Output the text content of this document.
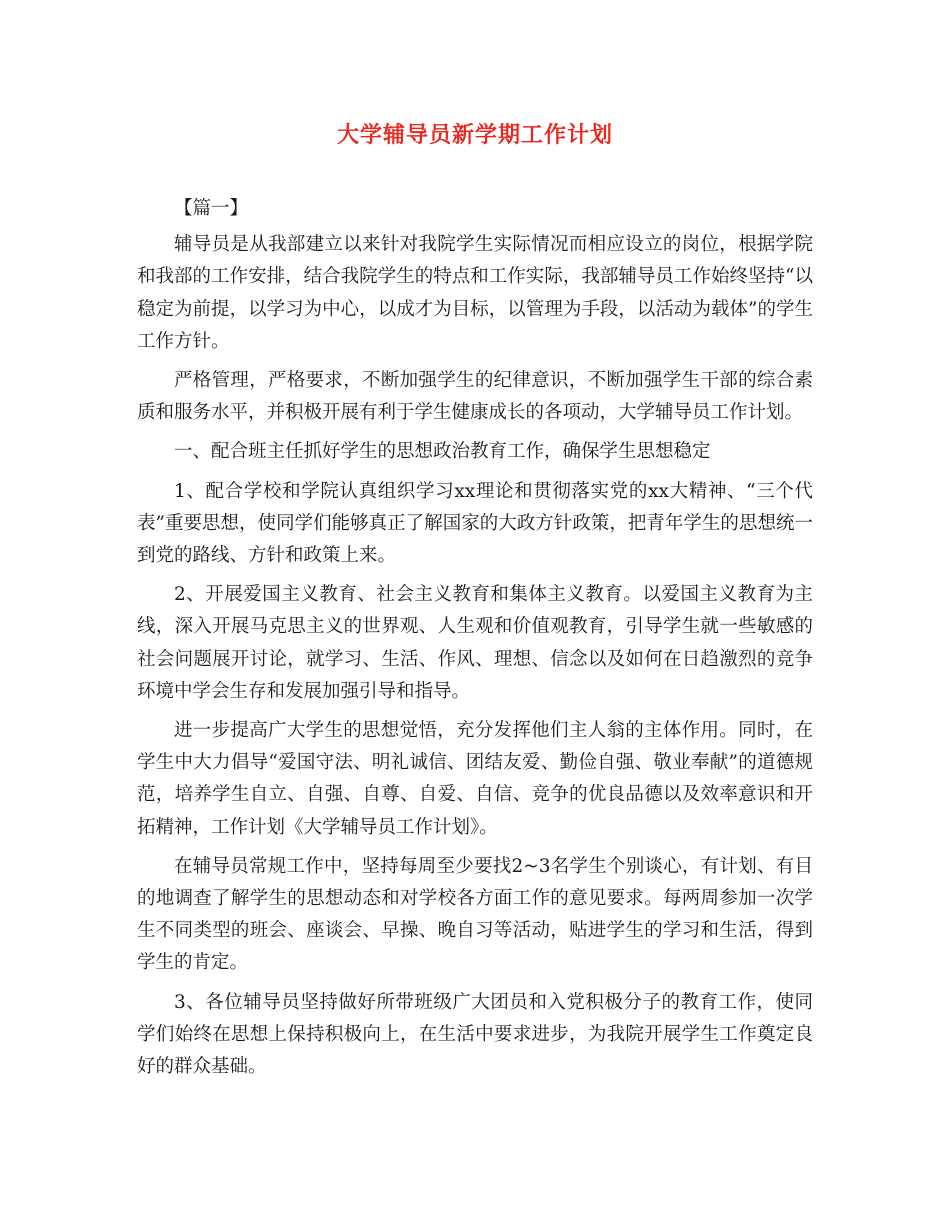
大学辅导员新学期工作计划

【篇一】

辅导员是从我部建立以来针对我院学生实际情况而相应设立的岗位，根据学院和我部的工作安排，结合我院学生的特点和工作实际，我部辅导员工作始终坚持“以稳定为前提，以学习为中心，以成才为目标，以管理为手段，以活动为载体”的学生工作方针。

严格管理，严格要求，不断加强学生的纪律意识，不断加强学生干部的综合素质和服务水平，并积极开展有利于学生健康成长的各项动，大学辅导员工作计划。

一、配合班主任抓好学生的思想政治教育工作，确保学生思想稳定

1、配合学校和学院认真组织学习xx理论和贯彻落实党的xx大精神、“三个代表”重要思想，使同学们能够真正了解国家的大政方针政策，把青年学生的思想统一到党的路线、方针和政策上来。

2、开展爱国主义教育、社会主义教育和集体主义教育。以爱国主义教育为主线，深入开展马克思主义的世界观、人生观和价值观教育，引导学生就一些敏感的社会问题展开讨论，就学习、生活、作风、理想、信念以及如何在日趋激烈的竞争环境中学会生存和发展加强引导和指导。

进一步提高广大学生的思想觉悟，充分发挥他们主人翁的主体作用。同时，在学生中大力倡导“爱国守法、明礼诚信、团结友爱、勤俭自强、敬业奉献”的道德规范，培养学生自立、自强、自尊、自爱、自信、竞争的优良品德以及效率意识和开拓精神，工作计划《大学辅导员工作计划》。

在辅导员常规工作中，坚持每周至少要找2~3名学生个别谈心，有计划、有目的地调查了解学生的思想动态和对学校各方面工作的意见要求。每两周参加一次学生不同类型的班会、座谈会、早操、晚自习等活动，贴进学生的学习和生活，得到学生的肯定。

3、各位辅导员坚持做好所带班级广大团员和入党积极分子的教育工作，使同学们始终在思想上保持积极向上，在生活中要求进步，为我院开展学生工作奠定良好的群众基础。
